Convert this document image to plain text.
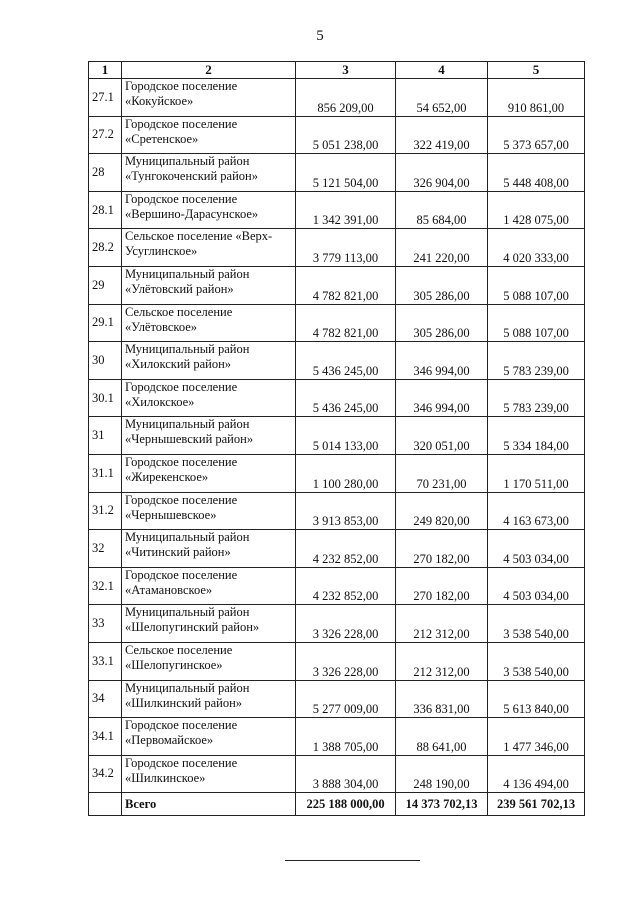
5
1	2	3	4	5
27.1	Городское поселение «Кокуйское»	856 209,00	54 652,00	910 861,00
27.2	Городское поселение «Сретенское»	5 051 238,00	322 419,00	5 373 657,00
28	Муниципальный район «Тунгокоченский район»	5 121 504,00	326 904,00	5 448 408,00
28.1	Городское поселение «Вершино-Дарасунское»	1 342 391,00	85 684,00	1 428 075,00
28.2	Сельское поселение «Верх-Усуглинское»	3 779 113,00	241 220,00	4 020 333,00
29	Муниципальный район «Улётовский район»	4 782 821,00	305 286,00	5 088 107,00
29.1	Сельское поселение «Улётовское»	4 782 821,00	305 286,00	5 088 107,00
30	Муниципальный район «Хилокский район»	5 436 245,00	346 994,00	5 783 239,00
30.1	Городское поселение «Хилокское»	5 436 245,00	346 994,00	5 783 239,00
31	Муниципальный район «Чернышевский район»	5 014 133,00	320 051,00	5 334 184,00
31.1	Городское поселение «Жирекенское»	1 100 280,00	70 231,00	1 170 511,00
31.2	Городское поселение «Чернышевское»	3 913 853,00	249 820,00	4 163 673,00
32	Муниципальный район «Читинский район»	4 232 852,00	270 182,00	4 503 034,00
32.1	Городское поселение «Атамановское»	4 232 852,00	270 182,00	4 503 034,00
33	Муниципальный район «Шелопугинский район»	3 326 228,00	212 312,00	3 538 540,00
33.1	Сельское поселение «Шелопугинское»	3 326 228,00	212 312,00	3 538 540,00
34	Муниципальный район «Шилкинский район»	5 277 009,00	336 831,00	5 613 840,00
34.1	Городское поселение «Первомайское»	1 388 705,00	88 641,00	1 477 346,00
34.2	Городское поселение «Шилкинское»	3 888 304,00	248 190,00	4 136 494,00
	Всего	225 188 000,00	14 373 702,13	239 561 702,13
